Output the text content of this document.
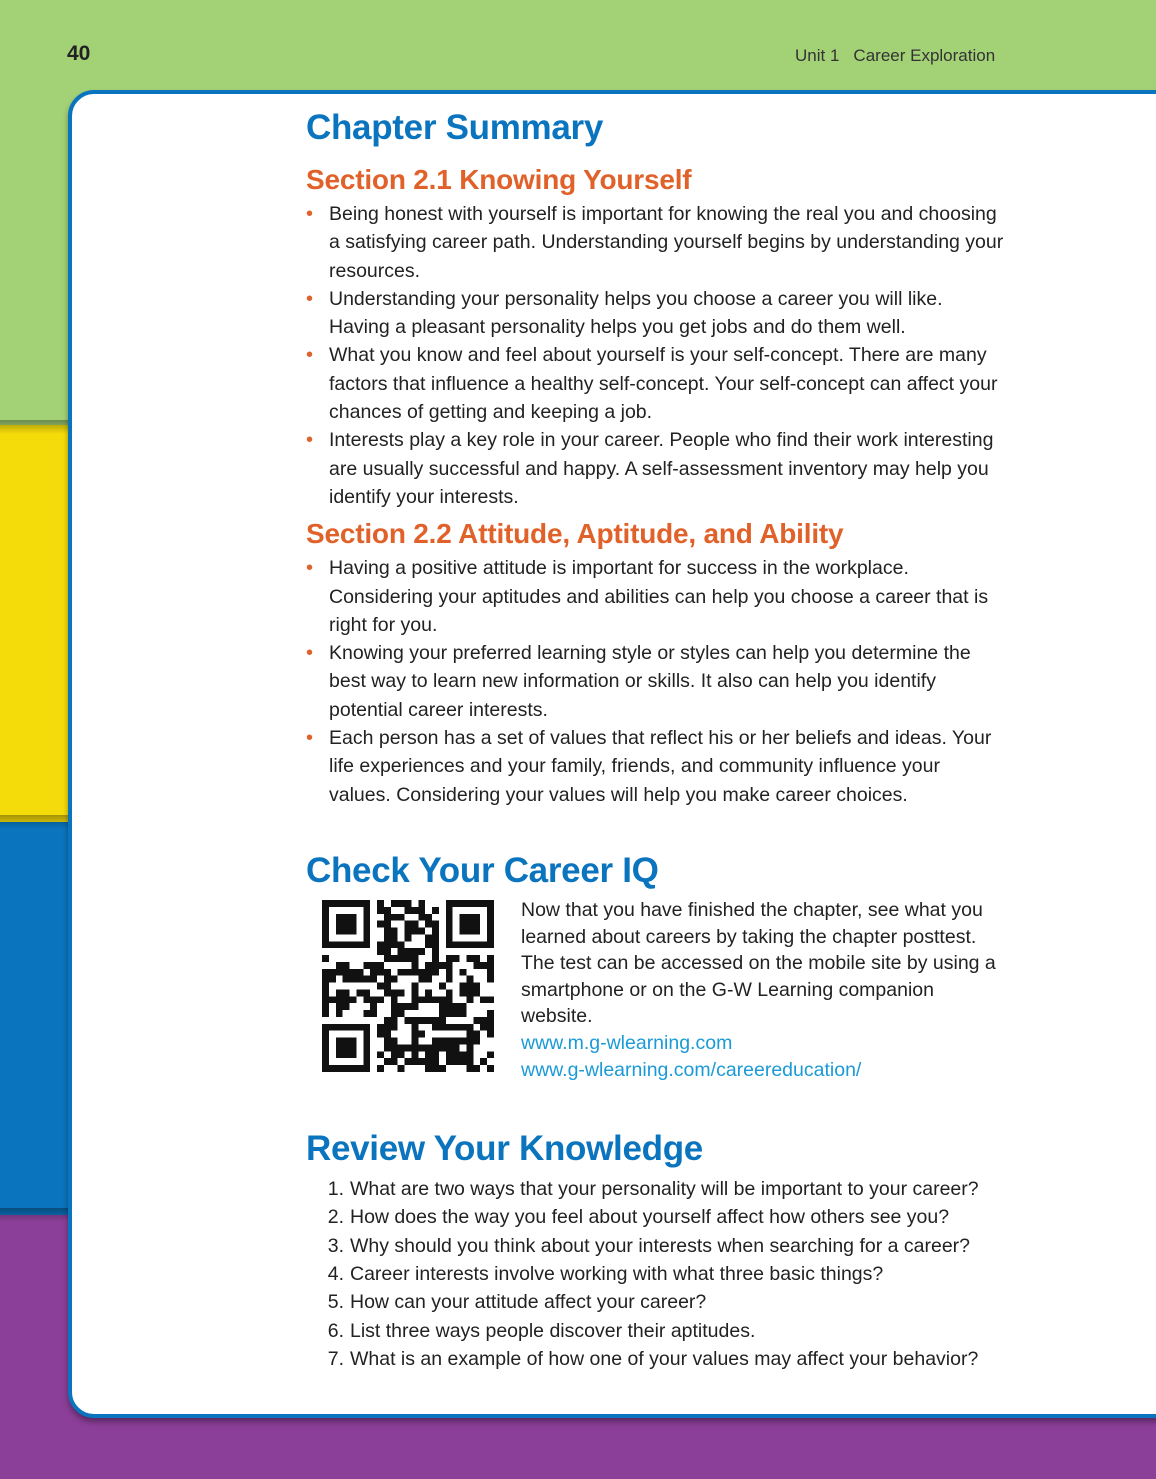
40	Unit 1 Career Exploration
Chapter Summary
Section 2.1 Knowing Yourself
• Being honest with yourself is important for knowing the real you and choosing a satisfying career path. Understanding yourself begins by understanding your resources.
• Understanding your personality helps you choose a career you will like. Having a pleasant personality helps you get jobs and do them well.
• What you know and feel about yourself is your self-concept. There are many factors that influence a healthy self-concept. Your self-concept can affect your chances of getting and keeping a job.
• Interests play a key role in your career. People who find their work interesting are usually successful and happy. A self-assessment inventory may help you identify your interests.
Section 2.2 Attitude, Aptitude, and Ability
• Having a positive attitude is important for success in the workplace. Considering your aptitudes and abilities can help you choose a career that is right for you.
• Knowing your preferred learning style or styles can help you determine the best way to learn new information or skills. It also can help you identify potential career interests.
• Each person has a set of values that reflect his or her beliefs and ideas. Your life experiences and your family, friends, and community influence your values. Considering your values will help you make career choices.
Check Your Career IQ
Now that you have finished the chapter, see what you learned about careers by taking the chapter posttest. The test can be accessed on the mobile site by using a smartphone or on the G-W Learning companion website.
www.m.g-wlearning.com
www.g-wlearning.com/careereducation/
Review Your Knowledge
1. What are two ways that your personality will be important to your career?
2. How does the way you feel about yourself affect how others see you?
3. Why should you think about your interests when searching for a career?
4. Career interests involve working with what three basic things?
5. How can your attitude affect your career?
6. List three ways people discover their aptitudes.
7. What is an example of how one of your values may affect your behavior?
